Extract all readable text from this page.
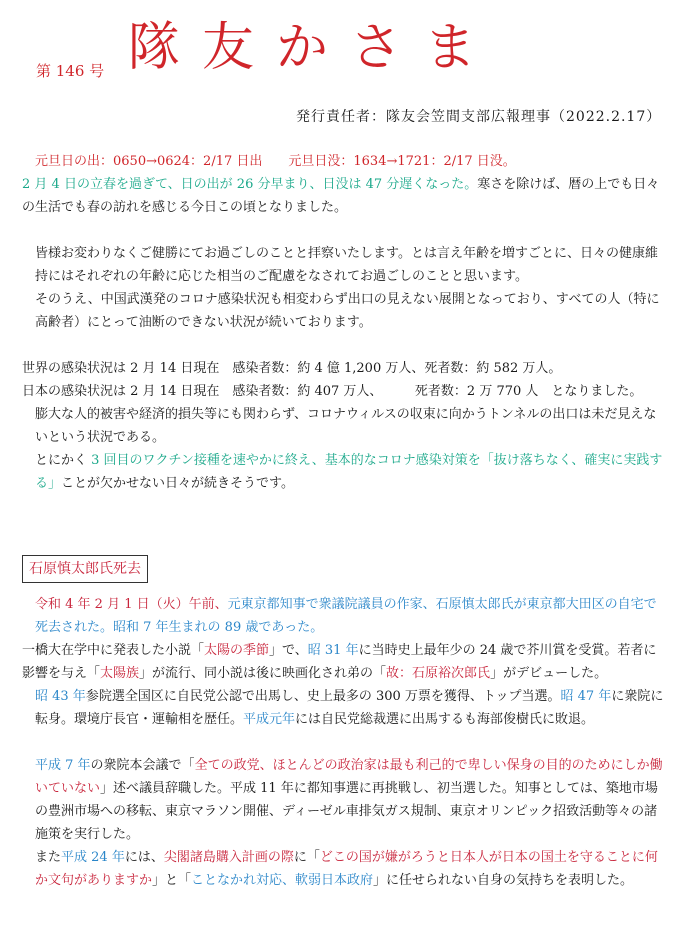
第 146 号 隊友かさま
発行責任者：隊友会笠間支部広報理事（2022.2.17）

元旦日の出：0650→0624：2/17 日出　　元旦日没：1634→1721：2/17 日没。

2 月 4 日の立春を過ぎて、日の出が 26 分早まり、日没は 47 分遅くなった。寒さを除けば、暦の上でも日々の生活でも春の訪れを感じる今日この頃となりました。

皆様お変わりなくご健勝にてお過ごしのことと拝察いたします。とは言え年齢を増すごとに、日々の健康維持にはそれぞれの年齢に応じた相当のご配慮をなされてお過ごしのことと思います。

そのうえ、中国武漢発のコロナ感染状況も相変わらず出口の見えない展開となっており、すべての人（特に高齢者）にとって油断のできない状況が続いております。

世界の感染状況は 2 月 14 日現在　感染者数：約 4 億 1,200 万人、死者数：約 582 万人。

日本の感染状況は 2 月 14 日現在　感染者数：約 407 万人、　　　死者数：2 万 770 人　となりました。

膨大な人的被害や経済的損失等にも関わらず、コロナウィルスの収束に向かうトンネルの出口は未だ見えないという状況である。

とにかく 3 回目のワクチン接種を速やかに終え、基本的なコロナ感染対策を「抜け落ちなく、確実に実践する」ことが欠かせない日々が続きそうです。

石原慎太郎氏死去

令和 4 年 2 月 1 日（火）午前、元東京都知事で衆議院議員の作家、石原慎太郎氏が東京都大田区の自宅で死去された。昭和 7 年生まれの 89 歳であった。

一橋大在学中に発表した小説「太陽の季節」で、昭 31 年に当時史上最年少の 24 歳で芥川賞を受賞。若者に影響を与え「太陽族」が流行、同小説は後に映画化され弟の「故：石原裕次郎氏」がデビューした。

昭 43 年参院選全国区に自民党公認で出馬し、史上最多の 300 万票を獲得、トップ当選。昭 47 年に衆院に転身。環境庁長官・運輸相を歴任。平成元年には自民党総裁選に出馬するも海部俊樹氏に敗退。

平成 7 年の衆院本会議で「全ての政党、ほとんどの政治家は最も利己的で卑しい保身の目的のためにしか働いていない」述べ議員辞職した。平成 11 年に都知事選に再挑戦し、初当選した。知事としては、築地市場の豊洲市場への移転、東京マラソン開催、ディーゼル車排気ガス規制、東京オリンピック招致活動等々の諸施策を実行した。

また平成 24 年には、尖閣諸島購入計画の際に「どこの国が嫌がろうと日本人が日本の国土を守ることに何か文句がありますか」と「ことなかれ対応、軟弱日本政府」に任せられない自身の気持ちを表明した。
